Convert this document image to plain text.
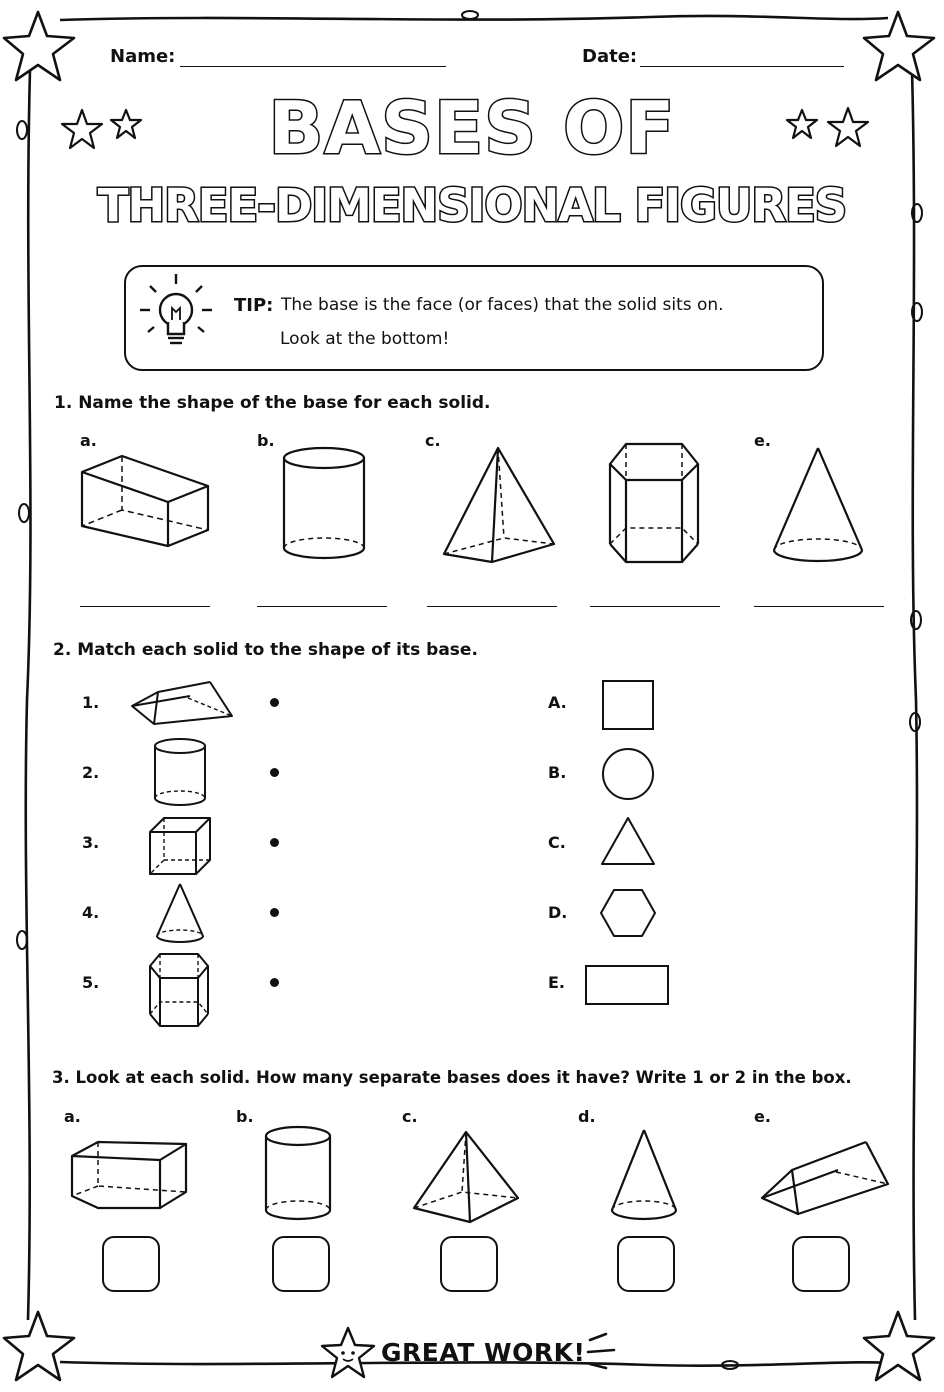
Name:	Date:
BASES OF
THREE-DIMENSIONAL FIGURES
TIP: The base is the face (or faces) that the solid sits on.
Look at the bottom!
1. Name the shape of the base for each solid.
a.	b.	c.	e.
2. Match each solid to the shape of its base.
1.
2.
3.
4.
5.
A.
B.
C.
D.
E.
3. Look at each solid. How many separate bases does it have? Write 1 or 2 in the box.
a.	b.	c.	d.	e.
GREAT WORK!
